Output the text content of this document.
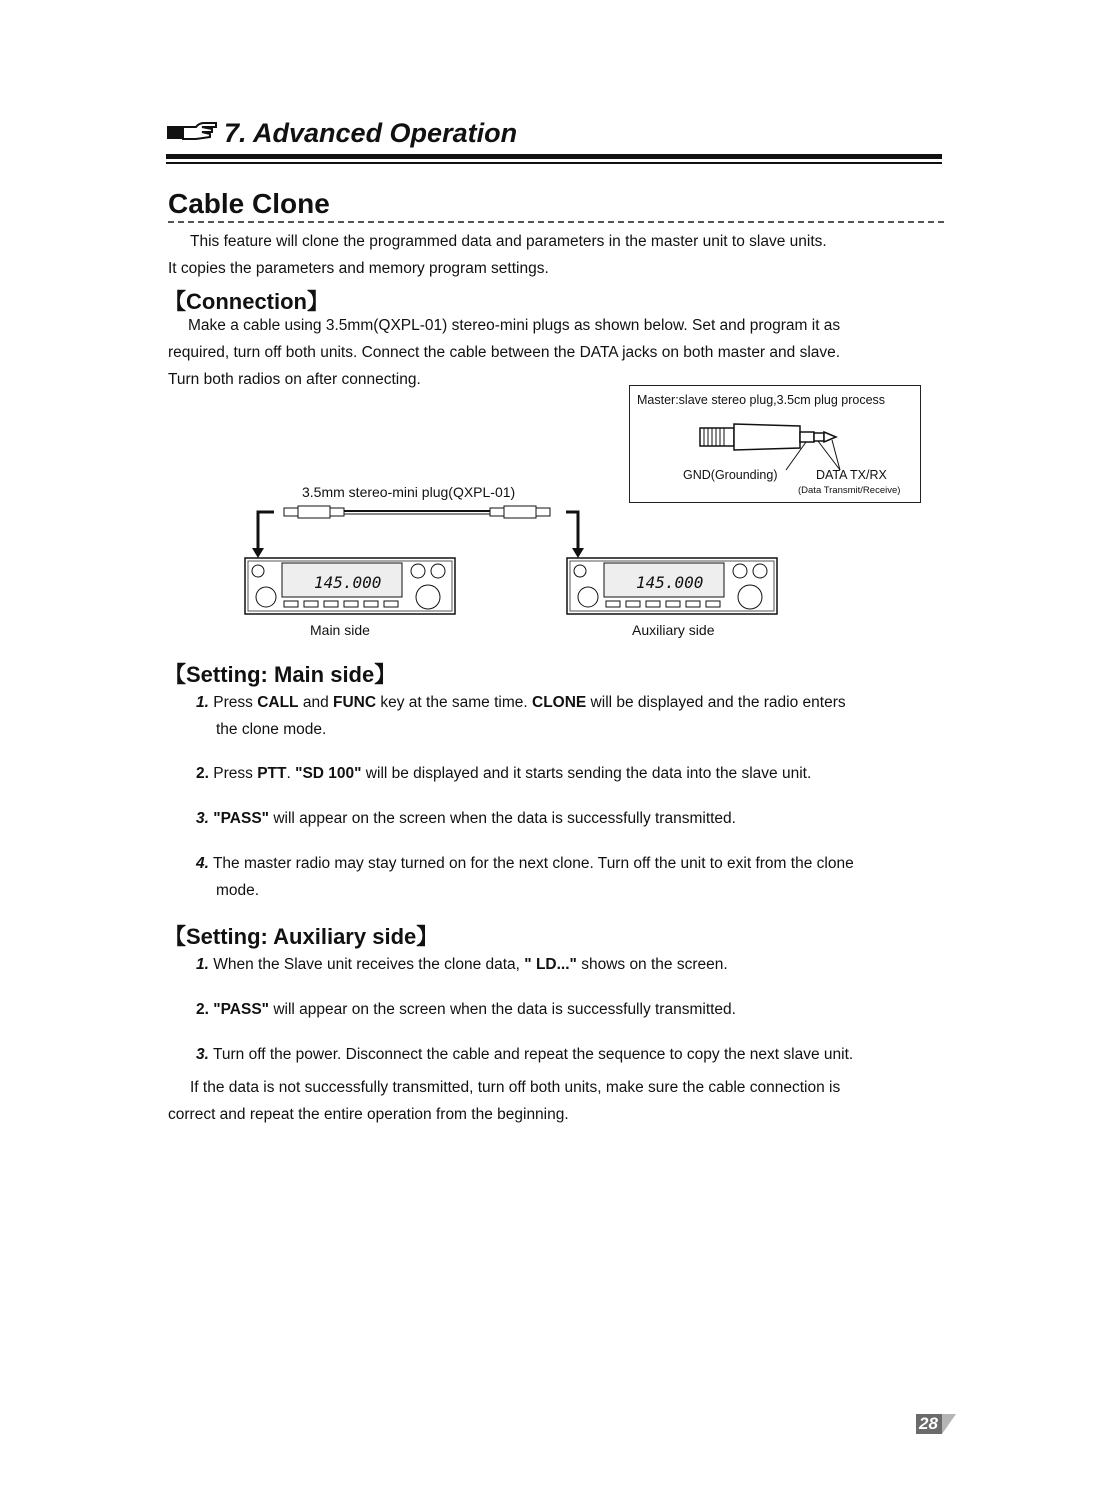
7. Advanced Operation
Cable Clone
This feature will clone the programmed data and parameters in the master unit to slave units.
It copies the parameters and memory program settings.
【Connection】
Make a cable using 3.5mm(QXPL-01) stereo-mini plugs as shown below. Set and program it as
required, turn off both units. Connect the cable between the DATA jacks on both master and slave.
Turn both radios on after connecting.
Master:slave stereo plug,3.5cm plug process
GND(Grounding)	DATA TX/RX
(Data Transmit/Receive)
3.5mm stereo-mini plug(QXPL-01)
145.000	145.000
Main side	Auxiliary side
【Setting: Main side】
1. Press CALL and FUNC key at the same time. CLONE will be displayed and the radio enters
the clone mode.
2. Press PTT. "SD 100" will be displayed and it starts sending the data into the slave unit.
3. "PASS" will appear on the screen when the data is successfully transmitted.
4. The master radio may stay turned on for the next clone. Turn off the unit to exit from the clone
mode.
【Setting: Auxiliary side】
1. When the Slave unit receives the clone data, " LD..." shows on the screen.
2. "PASS" will appear on the screen when the data is successfully transmitted.
3. Turn off the power. Disconnect the cable and repeat the sequence to copy the next slave unit.
If the data is not successfully transmitted, turn off both units, make sure the cable connection is
correct and repeat the entire operation from the beginning.
28
